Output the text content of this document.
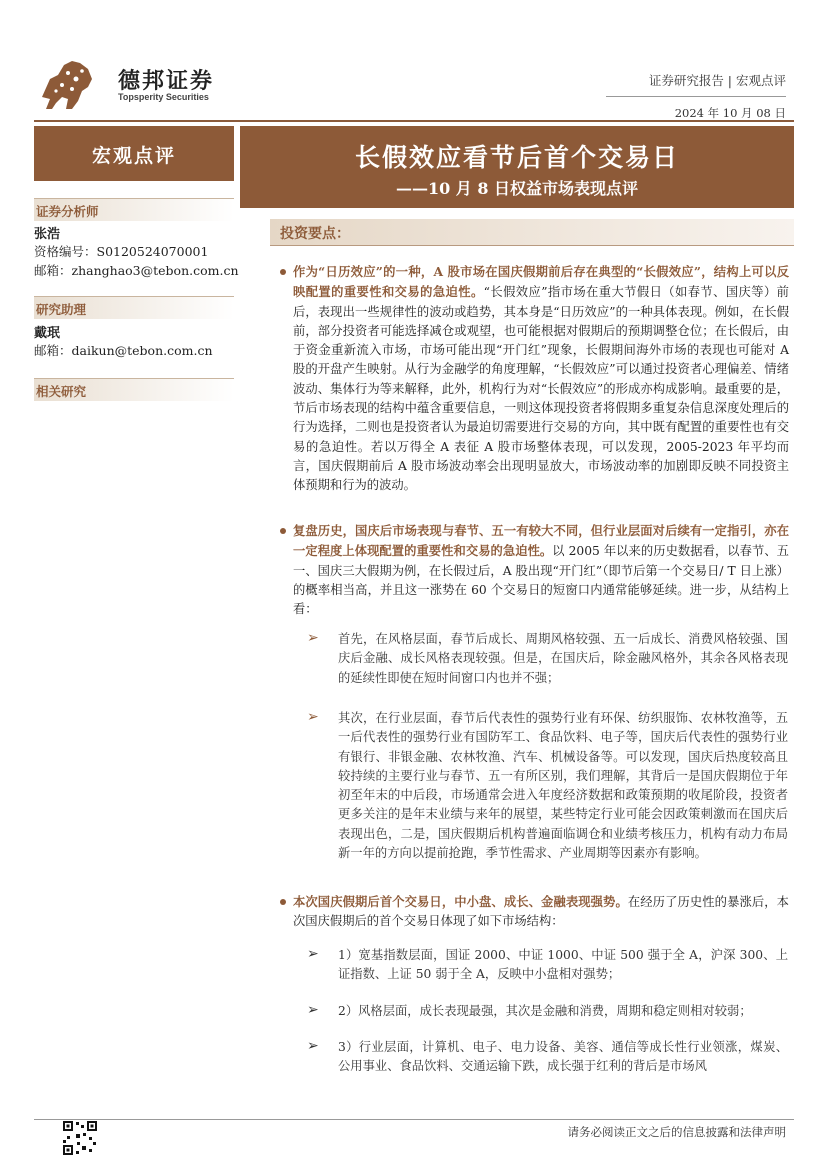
德邦证券
Topsperity Securities
证券研究报告 | 宏观点评
2024 年 10 月 08 日
宏观点评	长假效应看节后首个交易日
——10 月 8 日权益市场表现点评
证券分析师
张浩
资格编号：S0120524070001
邮箱：zhanghao3@tebon.com.cn
研究助理
戴珉
邮箱：daikun@tebon.com.cn
相关研究
投资要点：

作为“日历效应”的一种，A 股市场在国庆假期前后存在典型的“长假效应”，结构上可以反映配置的重要性和交易的急迫性。“长假效应”指市场在重大节假日（如春节、国庆等）前后，表现出一些规律性的波动或趋势，其本身是“日历效应”的一种具体表现。例如，在长假前，部分投资者可能选择减仓或观望，也可能根据对假期后的预期调整仓位；在长假后，由于资金重新流入市场，市场可能出现“开门红”现象，长假期间海外市场的表现也可能对 A 股的开盘产生映射。从行为金融学的角度理解，“长假效应”可以通过投资者心理偏差、情绪波动、集体行为等来解释，此外，机构行为对“长假效应”的形成亦构成影响。最重要的是，节后市场表现的结构中蕴含重要信息，一则这体现投资者将假期多重复杂信息深度处理后的行为选择，二则也是投资者认为最迫切需要进行交易的方向，其中既有配置的重要性也有交易的急迫性。若以万得全 A 表征 A 股市场整体表现，可以发现，2005-2023 年平均而言，国庆假期前后 A 股市场波动率会出现明显放大，市场波动率的加剧即反映不同投资主体预期和行为的波动。

复盘历史，国庆后市场表现与春节、五一有较大不同，但行业层面对后续有一定指引，亦在一定程度上体现配置的重要性和交易的急迫性。以 2005 年以来的历史数据看，以春节、五一、国庆三大假期为例，在长假过后，A 股出现“开门红”（即节后第一个交易日/ T 日上涨）的概率相当高，并且这一涨势在 60 个交易日的短窗口内通常能够延续。进一步，从结构上看：

➢ 首先，在风格层面，春节后成长、周期风格较强、五一后成长、消费风格较强、国庆后金融、成长风格表现较强。但是，在国庆后，除金融风格外，其余各风格表现的延续性即使在短时间窗口内也并不强；

➢ 其次，在行业层面，春节后代表性的强势行业有环保、纺织服饰、农林牧渔等，五一后代表性的强势行业有国防军工、食品饮料、电子等，国庆后代表性的强势行业有银行、非银金融、农林牧渔、汽车、机械设备等。可以发现，国庆后热度较高且较持续的主要行业与春节、五一有所区别，我们理解，其背后一是国庆假期位于年初至年末的中后段，市场通常会进入年度经济数据和政策预期的收尾阶段，投资者更多关注的是年末业绩与来年的展望，某些特定行业可能会因政策刺激而在国庆后表现出色，二是，国庆假期后机构普遍面临调仓和业绩考核压力，机构有动力布局新一年的方向以提前抢跑，季节性需求、产业周期等因素亦有影响。

本次国庆假期后首个交易日，中小盘、成长、金融表现强势。在经历了历史性的暴涨后，本次国庆假期后的首个交易日体现了如下市场结构：

➢ 1）宽基指数层面，国证 2000、中证 1000、中证 500 强于全 A，沪深 300、上证指数、上证 50 弱于全 A，反映中小盘相对强势；

➢ 2）风格层面，成长表现最强，其次是金融和消费，周期和稳定则相对较弱；

➢ 3）行业层面，计算机、电子、电力设备、美容、通信等成长性行业领涨，煤炭、公用事业、食品饮料、交通运输下跌，成长强于红利的背后是市场风

请务必阅读正文之后的信息披露和法律声明
